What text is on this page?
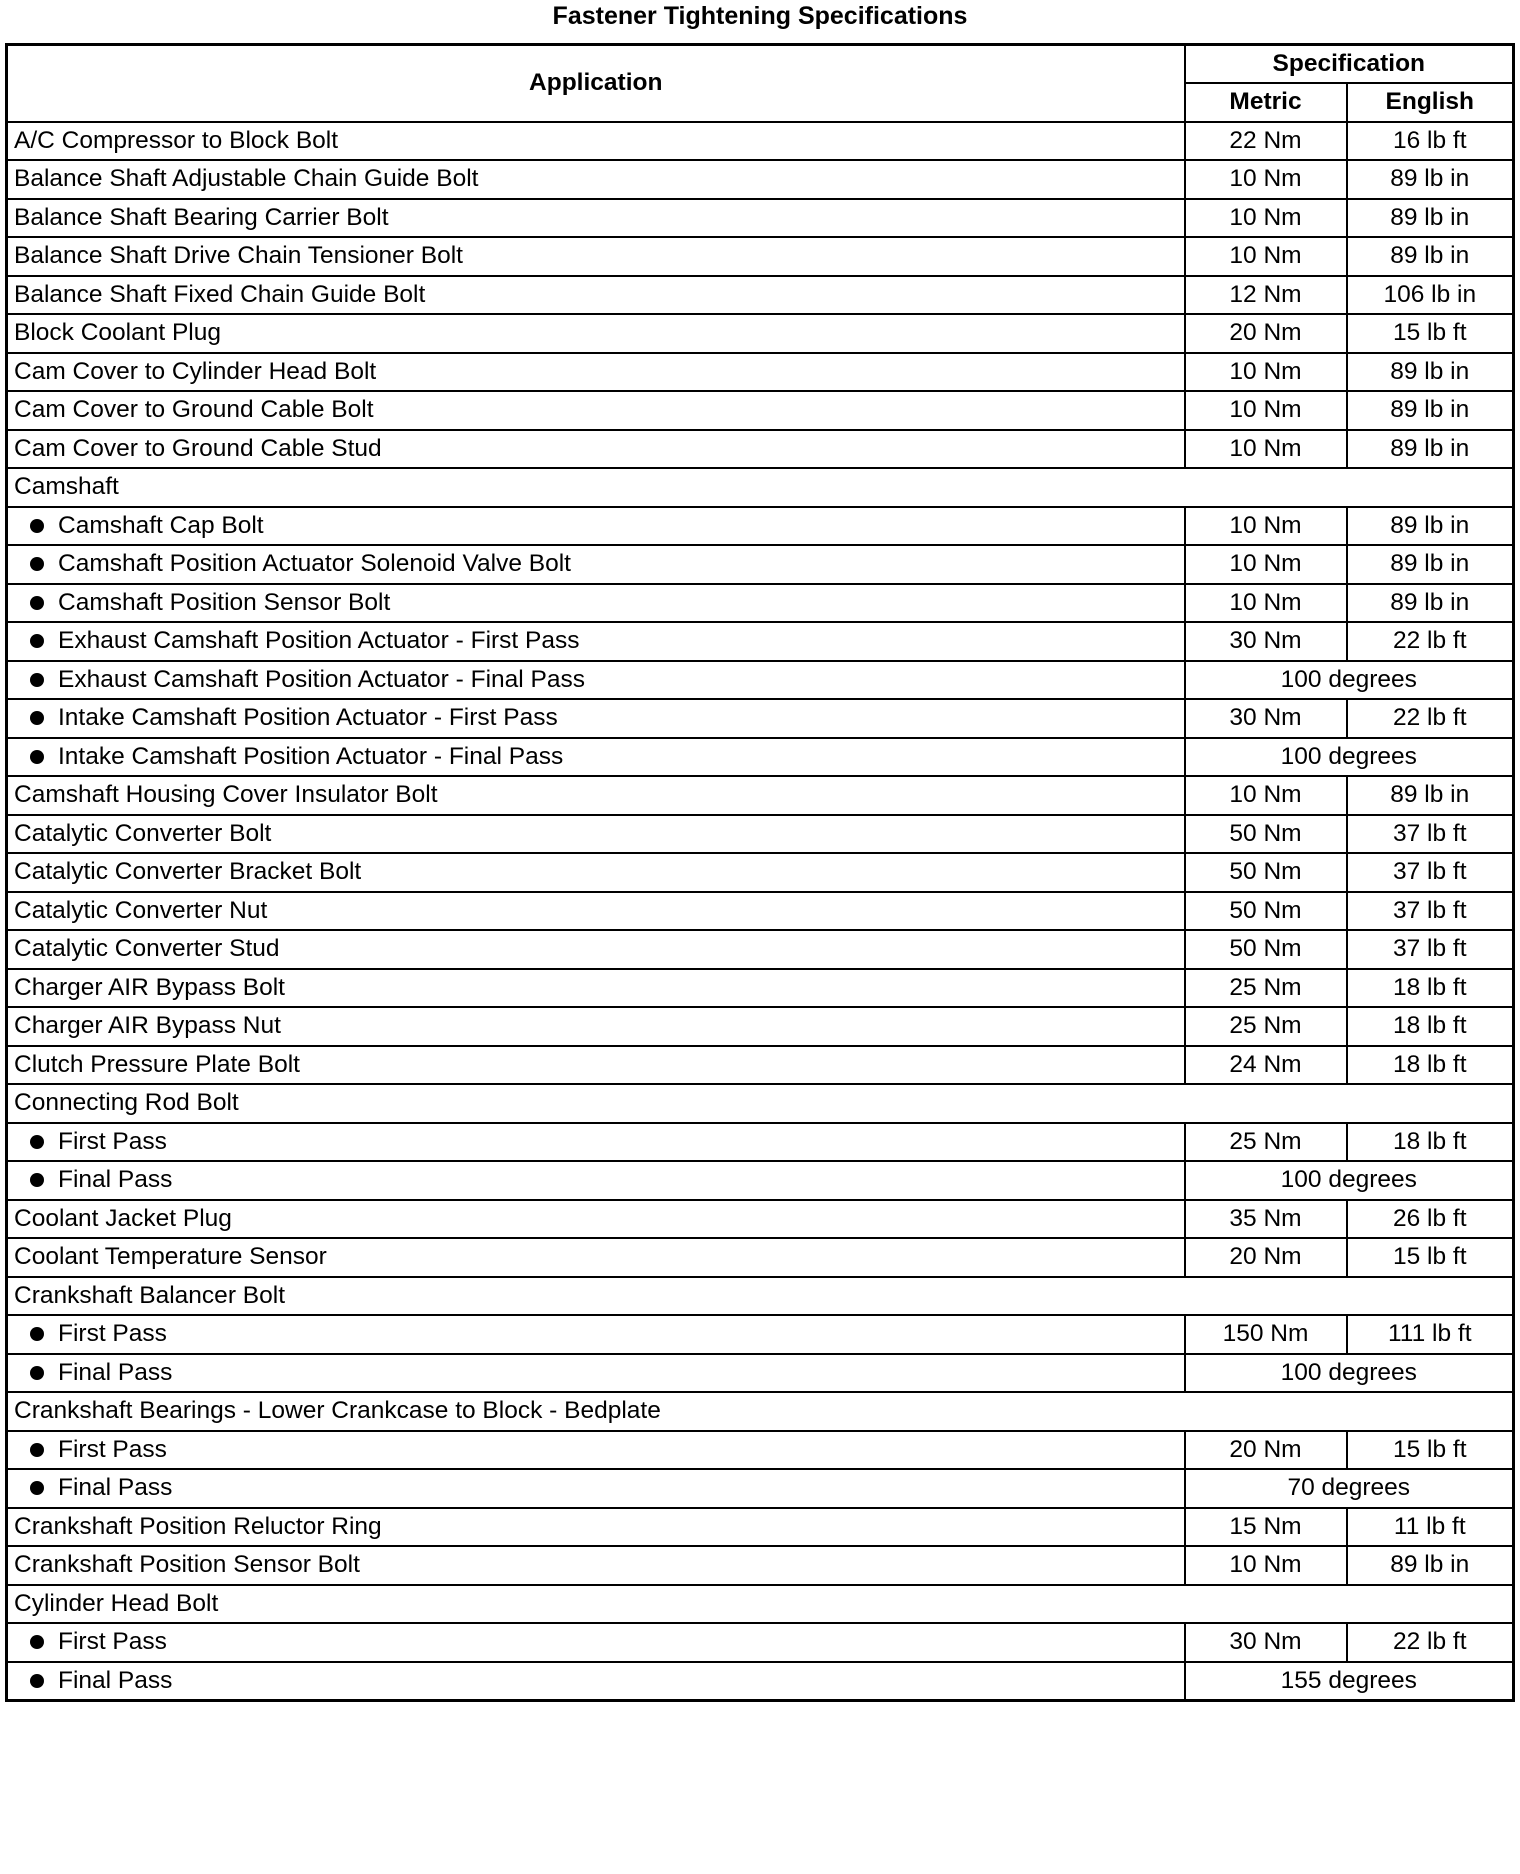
Fastener Tightening Specifications
Application	Specification	
	Metric	English
A/C Compressor to Block Bolt	22 Nm	16 lb ft
Balance Shaft Adjustable Chain Guide Bolt	10 Nm	89 lb in
Balance Shaft Bearing Carrier Bolt	10 Nm	89 lb in
Balance Shaft Drive Chain Tensioner Bolt	10 Nm	89 lb in
Balance Shaft Fixed Chain Guide Bolt	12 Nm	106 lb in
Block Coolant Plug	20 Nm	15 lb ft
Cam Cover to Cylinder Head Bolt	10 Nm	89 lb in
Cam Cover to Ground Cable Bolt	10 Nm	89 lb in
Cam Cover to Ground Cable Stud	10 Nm	89 lb in
Camshaft		

Camshaft Cap Bolt	10 Nm	89 lb in

Camshaft Position Actuator Solenoid Valve Bolt	10 Nm	89 lb in

Camshaft Position Sensor Bolt	10 Nm	89 lb in

Exhaust Camshaft Position Actuator - First Pass	30 Nm	22 lb ft

Exhaust Camshaft Position Actuator - Final Pass	100 degrees	

Intake Camshaft Position Actuator - First Pass	30 Nm	22 lb ft

Intake Camshaft Position Actuator - Final Pass	100 degrees	
Camshaft Housing Cover Insulator Bolt	10 Nm	89 lb in
Catalytic Converter Bolt	50 Nm	37 lb ft
Catalytic Converter Bracket Bolt	50 Nm	37 lb ft
Catalytic Converter Nut	50 Nm	37 lb ft
Catalytic Converter Stud	50 Nm	37 lb ft
Charger AIR Bypass Bolt	25 Nm	18 lb ft
Charger AIR Bypass Nut	25 Nm	18 lb ft
Clutch Pressure Plate Bolt	24 Nm	18 lb ft
Connecting Rod Bolt		

First Pass	25 Nm	18 lb ft

Final Pass	100 degrees	
Coolant Jacket Plug	35 Nm	26 lb ft
Coolant Temperature Sensor	20 Nm	15 lb ft
Crankshaft Balancer Bolt		

First Pass	150 Nm	111 lb ft

Final Pass	100 degrees	
Crankshaft Bearings - Lower Crankcase to Block - Bedplate		

First Pass	20 Nm	15 lb ft

Final Pass	70 degrees	
Crankshaft Position Reluctor Ring	15 Nm	11 lb ft
Crankshaft Position Sensor Bolt	10 Nm	89 lb in
Cylinder Head Bolt		

First Pass	30 Nm	22 lb ft

Final Pass	155 degrees	
